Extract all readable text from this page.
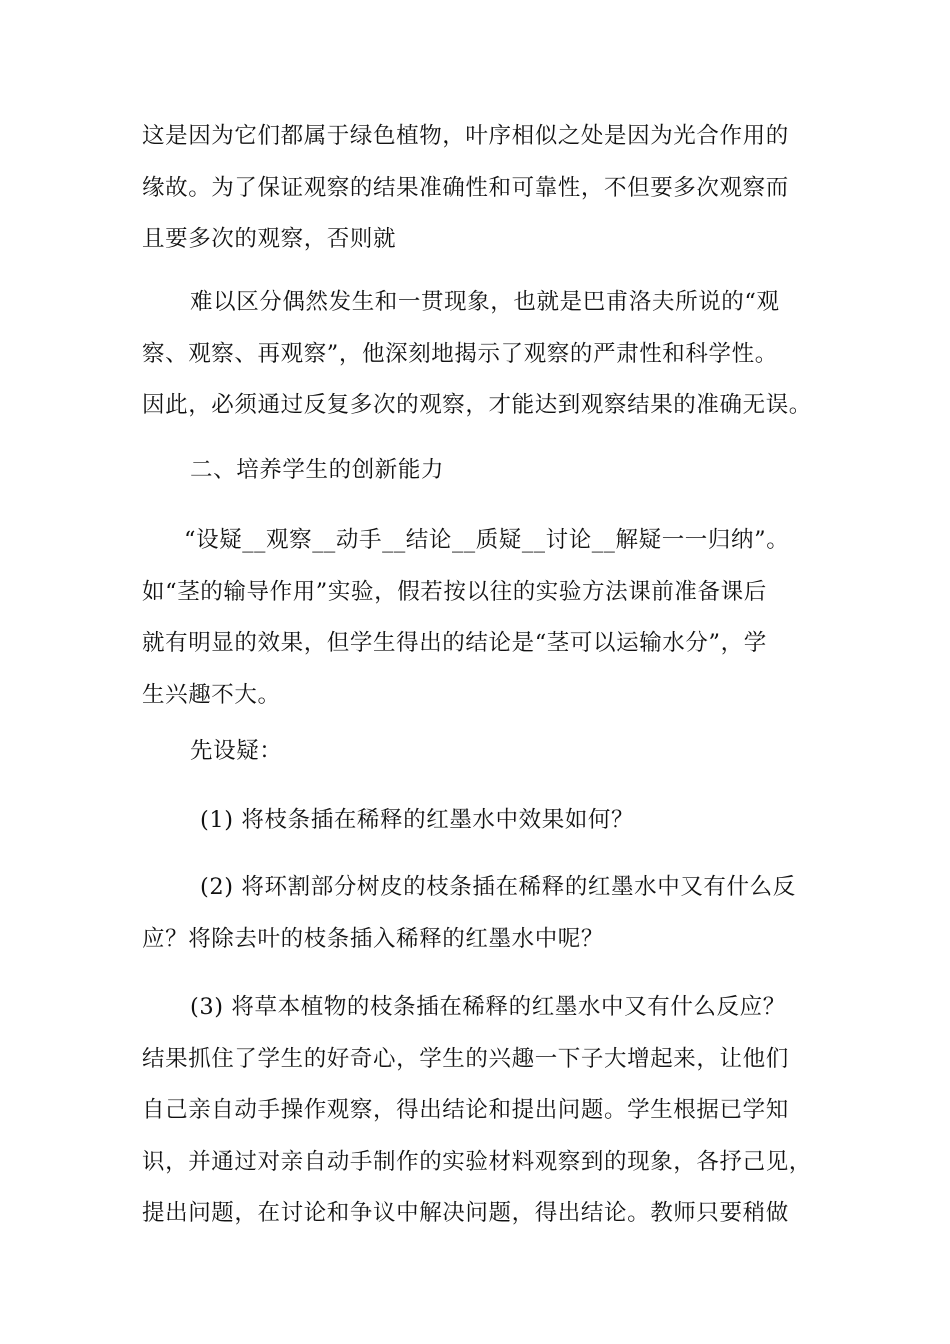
这是因为它们都属于绿色植物，叶序相似之处是因为光合作用的
缘故。为了保证观察的结果准确性和可靠性，不但要多次观察而
且要多次的观察，否则就
难以区分偶然发生和一贯现象，也就是巴甫洛夫所说的“观
察、观察、再观察”，他深刻地揭示了观察的严肃性和科学性。
因此，必须通过反复多次的观察，才能达到观察结果的准确无误。
二、培养学生的创新能力
“设疑__观察__动手__结论__质疑__讨论__解疑一一归纳”。
如“茎的输导作用”实验，假若按以往的实验方法课前准备课后
就有明显的效果，但学生得出的结论是“茎可以运输水分”，学
生兴趣不大。
先设疑：
(1) 将枝条插在稀释的红墨水中效果如何？
(2) 将环割部分树皮的枝条插在稀释的红墨水中又有什么反
应？将除去叶的枝条插入稀释的红墨水中呢？
(3) 将草本植物的枝条插在稀释的红墨水中又有什么反应？
结果抓住了学生的好奇心，学生的兴趣一下子大增起来，让他们
自己亲自动手操作观察，得出结论和提出问题。学生根据已学知
识，并通过对亲自动手制作的实验材料观察到的现象，各抒己见，
提出问题，在讨论和争议中解决问题，得出结论。教师只要稍做
